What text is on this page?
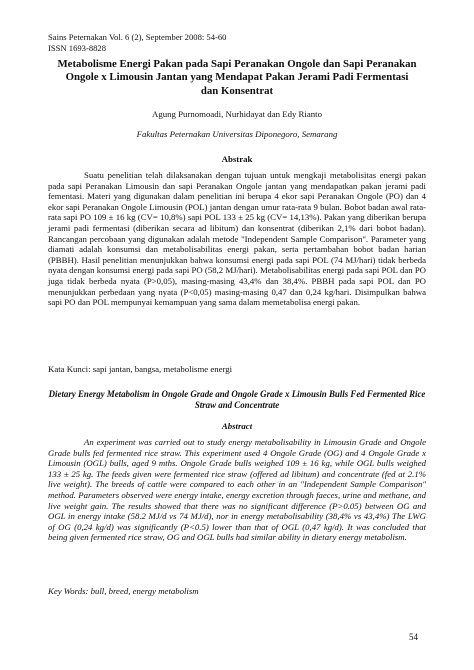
Sains Peternakan Vol. 6 (2), September 2008: 54-60
ISSN 1693-8828
Metabolisme Energi Pakan pada Sapi Peranakan Ongole dan Sapi Peranakan Ongole x Limousin Jantan yang Mendapat Pakan Jerami Padi Fermentasi dan Konsentrat
Agung Purnomoadi, Nurhidayat dan Edy Rianto
Fakultas Peternakan Universitas Diponegoro, Semarang
Abstrak

Suatu penelitian telah dilaksanakan dengan tujuan untuk mengkaji metabolisitas energi pakan pada sapi Peranakan Limousin dan sapi Peranakan Ongole jantan yang mendapatkan pakan jerami padi fementasi. Materi yang digunakan dalam penelitian ini berupa 4 ekor sapi Peranakan Ongole (PO) dan 4 ekor sapi Peranakan Ongole Limousin (POL) jantan dengan umur rata-rata 9 bulan. Bobot badan awal rata-rata sapi PO 109 ± 16 kg (CV= 10,8%) sapi POL 133 ± 25 kg (CV= 14,13%). Pakan yang diberikan berupa jerami padi fermentasi (diberikan secara ad libitum) dan konsentrat (diberikan 2,1% dari bobot badan). Rancangan percobaan yang digunakan adalah metode "Independent Sample Comparison". Parameter yang diamati adalah konsumsi dan metabolisabilitas energi pakan, serta pertambahan bobot badan harian (PBBH). Hasil penelitian menunjukkan bahwa konsumsi energi pada sapi POL (74 MJ/hari) tidak berbeda nyata dengan konsumsi energi pada sapi PO (58,2 MJ/hari). Metabolisabilitas energi pada sapi POL dan PO juga tidak berbeda nyata (P>0,05), masing-masing 43,4% dan 38,4%. PBBH pada sapi POL dan PO menunjukkan perbedaan yang nyata (P<0,05) masing-masing 0,47 dan 0,24 kg/hari. Disimpulkan bahwa sapi PO dan POL mempunyai kemampuan yang sama dalam memetabolisa energi pakan.

Kata Kunci: sapi jantan, bangsa, metabolisme energi
Dietary Energy Metabolism in Ongole Grade and Ongole Grade x Limousin Bulls Fed Fermented Rice Straw and Concentrate
Abstract

An experiment was carried out to study energy metabolisability in Limousin Grade and Ongole Grade bulls fed fermented rice straw. This experiment used 4 Ongole Grade (OG) and 4 Ongole Grade x Limousin (OGL) bulls, aged 9 mths. Ongole Grade bulls weighed 109 ± 16 kg, while OGL bulls weighed 133 ± 25 kg. The feeds given were fermented rice straw (offered ad libitum) and concentrate (fed at 2.1% live weight). The breeds of cattle were compared to each other in an "Independent Sample Comparison" method. Parameters observed were energy intake, energy excretion through faeces, urine and methane, and live weight gain. The results showed that there was no significant difference (P>0.05) between OG and OGL in energy intake (58.2 MJ/d vs 74 MJ/d), nor in energy metabolisability (38,4% vs 43,4%) The LWG of OG (0,24 kg/d) was significantly (P<0.5) lower than that of OGL (0,47 kg/d). It was concluded that being given fermented rice straw, OG and OGL bulls had similar ability in dietary energy metabolism.

Key Words: bull, breed, energy metabolism
54
